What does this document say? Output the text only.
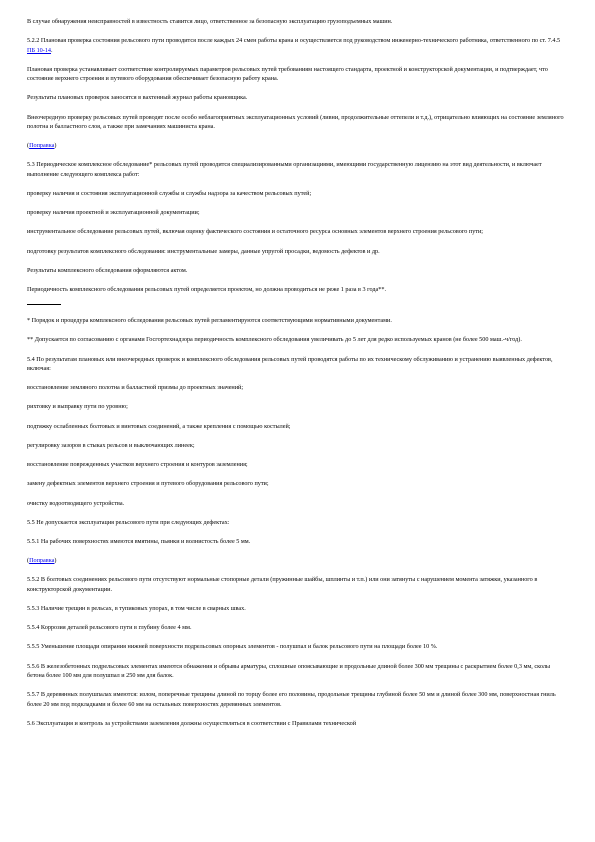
В случае обнаружения неисправностей в известность ставится лицо, ответственное за безопасную эксплуатацию грузоподъемных машин.

5.2.2 Плановая проверка состояния рельсового пути проводится после каждых 24 смен работы крана и осуществляется под руководством инженерно-технического работника, ответственного по ст. 7.4.5 ПБ 10-14.

Плановая проверка устанавливает соответствие контролируемых параметров рельсовых путей требованиям настоящего стандарта, проектной и конструкторской документации, и подтверждает, что состояние верхнего строения и путевого оборудования обеспечивает безопасную работу крана.

Результаты плановых проверок заносятся в вахтенный журнал работы крановщика.

Внеочередную проверку рельсовых путей проводят после особо неблагоприятных эксплуатационных условий (ливни, продолжительные оттепели и т.д.), отрицательно влияющих на состояние земляного полотна и балластного слоя, а также при замечаниях машиниста крана.

(Поправка)

5.3 Периодическое комплексное обследование* рельсовых путей проводится специализированными организациями, имеющими государственную лицензию на этот вид деятельности, и включает выполнение следующего комплекса работ:

проверку наличия и состояния эксплуатационной службы и службы надзора за качеством рельсовых путей;

проверку наличия проектной и эксплуатационной документации;

инструментальное обследование рельсовых путей, включая оценку фактического состояния и остаточного ресурса основных элементов верхнего строения рельсового пути;

подготовку результатов комплексного обследования: инструментальные замеры, данные упругой просадки, ведомость дефектов и др.

Результаты комплексного обследования оформляются актом.

Периодичность комплексного обследования рельсовых путей определяется проектом, но должна проводиться не реже 1 раза в 3 года**.

* Порядок и процедура комплексного обследования рельсовых путей регламентируются соответствующими нормативными документами.

** Допускается по согласованию с органами Госгортехнадзора периодичность комплексного обследования увеличивать до 5 лет для редко используемых кранов (не более 500 маш.-ч/год).

5.4 По результатам плановых или внеочередных проверок и комплексного обследования рельсовых путей проводятся работы по их техническому обслуживанию и устранению выявленных дефектов, включая:

восстановление земляного полотна и балластной призмы до проектных значений;

рихтовку и выправку пути по уровню;

подтяжку ослабленных болтовых и винтовых соединений, а также крепления с помощью костылей;

регулировку зазоров в стыках рельсов и выключающих линеек;

восстановление поврежденных участков верхнего строения и контуров заземления;

замену дефектных элементов верхнего строения и путевого оборудования рельсового пути;

очистку водоотводящего устройства.

5.5 Не допускается эксплуатация рельсового пути при следующих дефектах:

5.5.1 На рабочих поверхностях имеются вмятины, пьянки и волнистость более 5 мм.

(Поправка)

5.5.2 В болтовых соединениях рельсового пути отсутствуют нормальные стопорные детали (пружинные шайбы, шплинты и т.п.) или они затянуты с нарушением момента затяжки, указанного в конструкторской документации.

5.5.3 Наличие трещин в рельсах, в тупиковых упорах, в том числе в сварных швах.

5.5.4 Коррозия деталей рельсового пути в глубину более 4 мм.

5.5.5 Уменьшение площади опирания нижней поверхности подрельсовых опорных элементов - полушпал и балок рельсового пути на площади более 10 %.

5.5.6 В железобетонных подрельсовых элементах имеются обнажения и обрывы арматуры, сплошные опоясывающие и продольные длиной более 300 мм трещины с раскрытием более 0,3 мм, сколы бетона более 100 мм для полушпал и 250 мм для балок.

5.5.7 В деревянных полушпалах имеются: излом, поперечные трещины длиной по торцу более его половины, продольные трещины глубиной более 50 мм и длиной более 300 мм, поверхностная гниль более 20 мм под подкладками и более 60 мм на остальных поверхностях деревянных элементов.

5.6 Эксплуатация и контроль за устройствами заземления должны осуществляться в соответствии с Правилами технической
